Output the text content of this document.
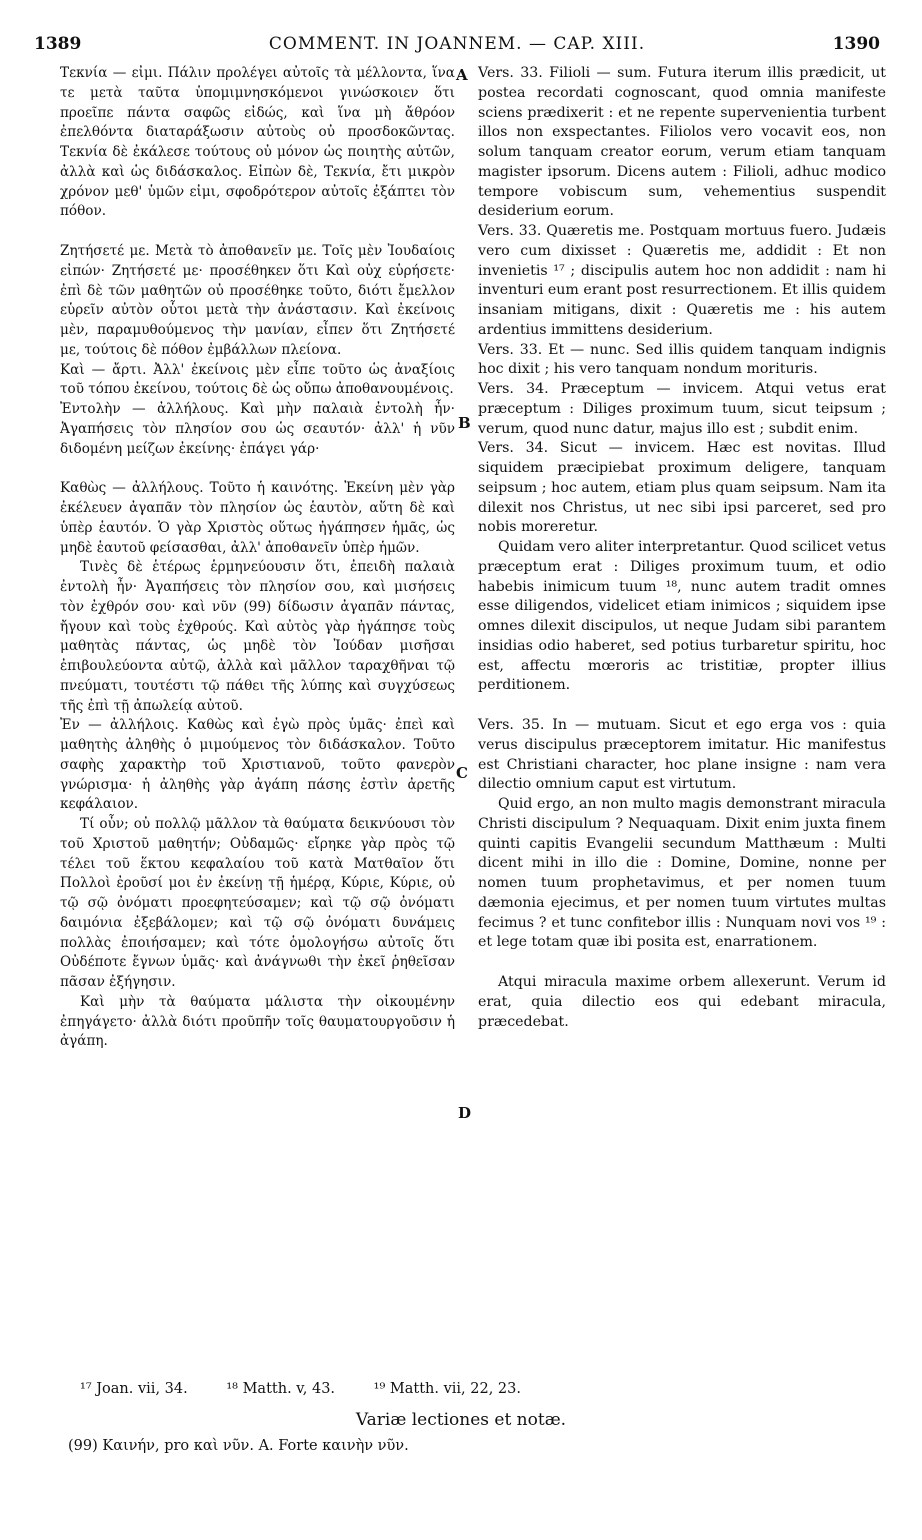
1389	COMMENT. IN JOANNEM. — CAP. XIII.	1390
A
B
C
D

Τεκνία — εἰμι. Πάλιν προλέγει αὐτοῖς τὰ μέλλοντα, ἵνα τε μετὰ ταῦτα ὑπομιμνησκόμενοι γινώσκοιεν ὅτι προεῖπε πάντα σαφῶς εἰδώς, καὶ ἵνα μὴ ἄθρόον ἐπελθόντα διαταράξωσιν αὐτοὺς οὐ προσδοκῶντας. Τεκνία δὲ ἐκάλεσε τούτους οὐ μόνον ὡς ποιητὴς αὐτῶν, ἀλλὰ καὶ ὡς διδάσκαλος. Εἰπὼν δὲ, Τεκνία, ἔτι μικρὸν χρόνον μεθ' ὑμῶν εἰμι, σφοδρότερον αὐτοῖς ἐξάπτει τὸν πόθον.

Ζητήσετέ με. Μετὰ τὸ ἀποθανεῖν με. Τοῖς μὲν Ἰουδαίοις εἰπών· Ζητήσετέ με· προσέθηκεν ὅτι Καὶ οὐχ εὑρήσετε· ἐπὶ δὲ τῶν μαθητῶν οὐ προσέθηκε τοῦτο, διότι ἔμελλον εὑρεῖν αὐτὸν οὗτοι μετὰ τὴν ἀνάστασιν. Καὶ ἐκείνοις μὲν, παραμυθούμενος τὴν μανίαν, εἶπεν ὅτι Ζητήσετέ με, τούτοις δὲ πόθον ἐμβάλλων πλείονα.

Καὶ — ἄρτι. Ἀλλ' ἐκείνοις μὲν εἶπε τοῦτο ὡς ἀναξίοις τοῦ τόπου ἐκείνου, τούτοις δὲ ὡς οὔπω ἀποθανουμένοις.

Ἐντολὴν — ἀλλήλους. Καὶ μὴν παλαιὰ ἐντολὴ ἦν· Ἀγαπήσεις τὸν πλησίον σου ὡς σεαυτόν· ἀλλ' ἡ νῦν διδομένη μείζων ἐκείνης· ἐπάγει γάρ·

Καθὼς — ἀλλήλους. Τοῦτο ἡ καινότης. Ἐκείνη μὲν γὰρ ἐκέλευεν ἀγαπᾶν τὸν πλησίον ὡς ἑαυτὸν, αὕτη δὲ καὶ ὑπὲρ ἑαυτόν. Ὁ γὰρ Χριστὸς οὕτως ἠγάπησεν ἡμᾶς, ὡς μηδὲ ἑαυτοῦ φείσασθαι, ἀλλ' ἀποθανεῖν ὑπὲρ ἡμῶν.

Τινὲς δὲ ἑτέρως ἑρμηνεύουσιν ὅτι, ἐπειδὴ παλαιὰ ἐντολὴ ἦν· Ἀγαπήσεις τὸν πλησίον σου, καὶ μισήσεις τὸν ἐχθρόν σου· καὶ νῦν (99) δίδωσιν ἀγαπᾶν πάντας, ἤγουν καὶ τοὺς ἐχθρούς. Καὶ αὐτὸς γὰρ ἠγάπησε τοὺς μαθητὰς πάντας, ὡς μηδὲ τὸν Ἰούδαν μισῆσαι ἐπιβουλεύοντα αὐτῷ, ἀλλὰ καὶ μᾶλλον ταραχθῆναι τῷ πνεύματι, τουτέστι τῷ πάθει τῆς λύπης καὶ συγχύσεως τῆς ἐπὶ τῇ ἀπωλείᾳ αὐτοῦ.

Ἐν — ἀλλήλοις. Καθὼς καὶ ἐγὼ πρὸς ὑμᾶς· ἐπεὶ καὶ μαθητὴς ἀληθὴς ὁ μιμούμενος τὸν διδάσκαλον. Τοῦτο σαφὴς χαρακτὴρ τοῦ Χριστιανοῦ, τοῦτο φανερὸν γνώρισμα· ἡ ἀληθὴς γὰρ ἀγάπη πάσης ἐστὶν ἀρετῆς κεφάλαιον.

Τί οὖν; οὐ πολλῷ μᾶλλον τὰ θαύματα δεικνύουσι τὸν τοῦ Χριστοῦ μαθητήν; Οὐδαμῶς· εἴρηκε γὰρ πρὸς τῷ τέλει τοῦ ἕκτου κεφαλαίου τοῦ κατὰ Ματθαῖον ὅτι Πολλοὶ ἐροῦσί μοι ἐν ἐκείνῃ τῇ ἡμέρᾳ, Κύριε, Κύριε, οὐ τῷ σῷ ὀνόματι προεφητεύσαμεν; καὶ τῷ σῷ ὀνόματι δαιμόνια ἐξεβάλομεν; καὶ τῷ σῷ ὀνόματι δυνάμεις πολλὰς ἐποιήσαμεν; καὶ τότε ὁμολογήσω αὐτοῖς ὅτι Οὐδέποτε ἔγνων ὑμᾶς· καὶ ἀνάγνωθι τὴν ἐκεῖ ῥηθεῖσαν πᾶσαν ἐξήγησιν.

Καὶ μὴν τὰ θαύματα μάλιστα τὴν οἰκουμένην ἐπηγάγετο· ἀλλὰ διότι προῦπῆν τοῖς θαυματουργοῦσιν ἡ ἀγάπη.

Vers. 33. Filioli — sum. Futura iterum illis prædicit, ut postea recordati cognoscant, quod omnia manifeste sciens prædixerit : et ne repente supervenientia turbent illos non exspectantes. Filiolos vero vocavit eos, non solum tanquam creator eorum, verum etiam tanquam magister ipsorum. Dicens autem : Filioli, adhuc modico tempore vobiscum sum, vehementius suspendit desiderium eorum.

Vers. 33. Quæretis me. Postquam mortuus fuero. Judæis vero cum dixisset : Quæretis me, addidit : Et non invenietis ¹⁷ ; discipulis autem hoc non addidit : nam hi inventuri eum erant post resurrectionem. Et illis quidem insaniam mitigans, dixit : Quæretis me : his autem ardentius immittens desiderium.

Vers. 33. Et — nunc. Sed illis quidem tanquam indignis hoc dixit ; his vero tanquam nondum morituris.

Vers. 34. Præceptum — invicem. Atqui vetus erat præceptum : Diliges proximum tuum, sicut teipsum ; verum, quod nunc datur, majus illo est ; subdit enim.

Vers. 34. Sicut — invicem. Hæc est novitas. Illud siquidem præcipiebat proximum deligere, tanquam seipsum ; hoc autem, etiam plus quam seipsum. Nam ita dilexit nos Christus, ut nec sibi ipsi parceret, sed pro nobis moreretur.

Quidam vero aliter interpretantur. Quod scilicet vetus præceptum erat : Diliges proximum tuum, et odio habebis inimicum tuum ¹⁸, nunc autem tradit omnes esse diligendos, videlicet etiam inimicos ; siquidem ipse omnes dilexit discipulos, ut neque Judam sibi parantem insidias odio haberet, sed potius turbaretur spiritu, hoc est, affectu mœroris ac tristitiæ, propter illius perditionem.

Vers. 35. In — mutuam. Sicut et ego erga vos : quia verus discipulus præceptorem imitatur. Hic manifestus est Christiani character, hoc plane insigne : nam vera dilectio omnium caput est virtutum.

Quid ergo, an non multo magis demonstrant miracula Christi discipulum ? Nequaquam. Dixit enim juxta finem quinti capitis Evangelii secundum Matthæum : Multi dicent mihi in illo die : Domine, Domine, nonne per nomen tuum prophetavimus, et per nomen tuum dæmonia ejecimus, et per nomen tuum virtutes multas fecimus ? et tunc confitebor illis : Nunquam novi vos ¹⁹ : et lege totam quæ ibi posita est, enarrationem.

Atqui miracula maxime orbem allexerunt. Verum id erat, quia dilectio eos qui edebant miracula, præcedebat.

¹⁷ Joan. vii, 34.	¹⁸ Matth. v, 43.	¹⁹ Matth. vii, 22, 23.
Variæ lectiones et notæ.
(99) Καινήν, pro καὶ νῦν. A. Forte καινὴν νῦν.
